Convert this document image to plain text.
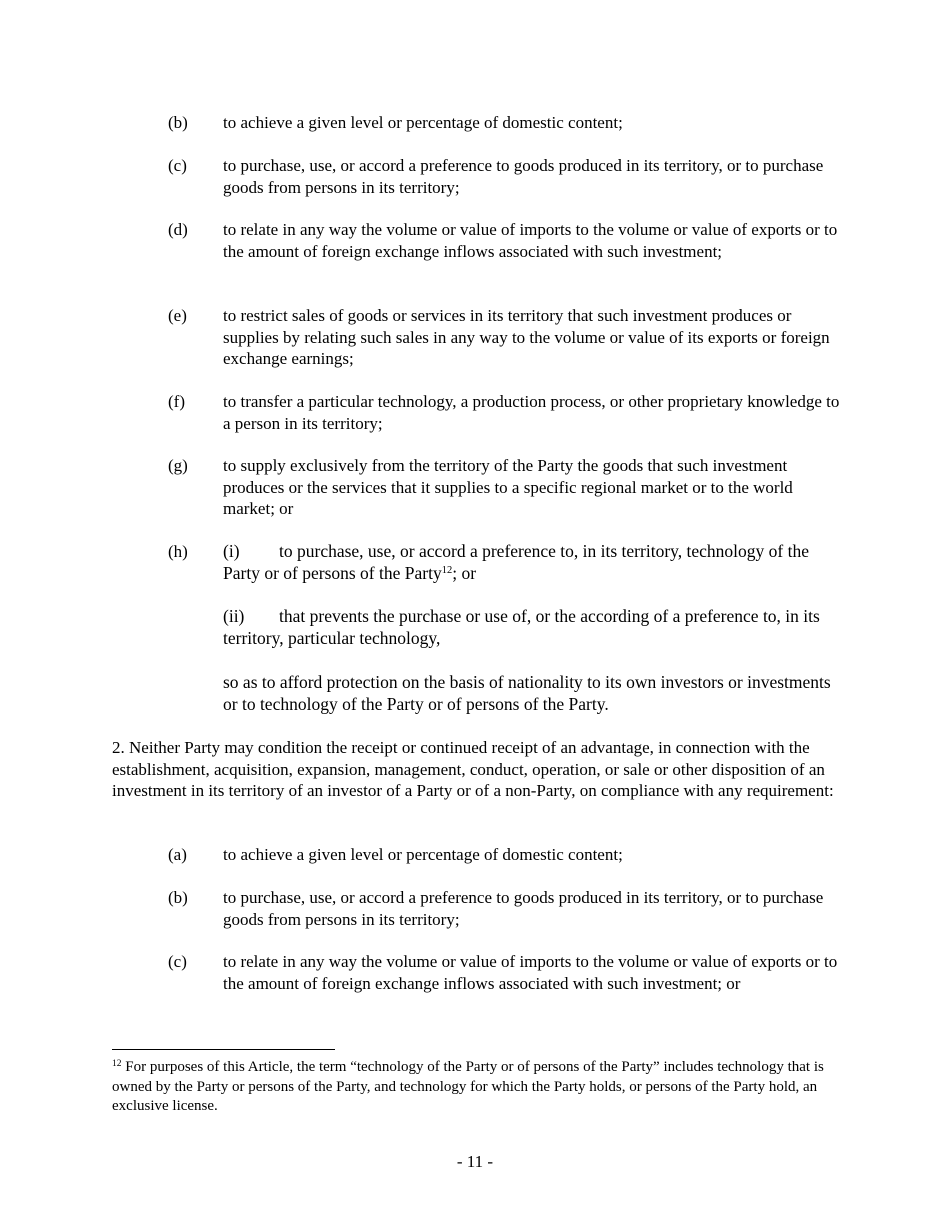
(b) to achieve a given level or percentage of domestic content;
(c) to purchase, use, or accord a preference to goods produced in its territory, or to purchase goods from persons in its territory;
(d) to relate in any way the volume or value of imports to the volume or value of exports or to the amount of foreign exchange inflows associated with such investment;
(e) to restrict sales of goods or services in its territory that such investment produces or supplies by relating such sales in any way to the volume or value of its exports or foreign exchange earnings;
(f) to transfer a particular technology, a production process, or other proprietary knowledge to a person in its territory;
(g) to supply exclusively from the territory of the Party the goods that such investment produces or the services that it supplies to a specific regional market or to the world market; or
(h) (i) to purchase, use, or accord a preference to, in its territory, technology of the Party or of persons of the Party$^{12}$; or
(ii) that prevents the purchase or use of, or the according of a preference to, in its territory, particular technology,
so as to afford protection on the basis of nationality to its own investors or investments or to technology of the Party or of persons of the Party.
2. Neither Party may condition the receipt or continued receipt of an advantage, in connection with the establishment, acquisition, expansion, management, conduct, operation, or sale or other disposition of an investment in its territory of an investor of a Party or of a non-Party, on compliance with any requirement:
(a) to achieve a given level or percentage of domestic content;
(b) to purchase, use, or accord a preference to goods produced in its territory, or to purchase goods from persons in its territory;
(c) to relate in any way the volume or value of imports to the volume or value of exports or to the amount of foreign exchange inflows associated with such investment; or
$^{12}$ For purposes of this Article, the term “technology of the Party or of persons of the Party” includes technology that is owned by the Party or persons of the Party, and technology for which the Party holds, or persons of the Party hold, an exclusive license.
- 11 -
